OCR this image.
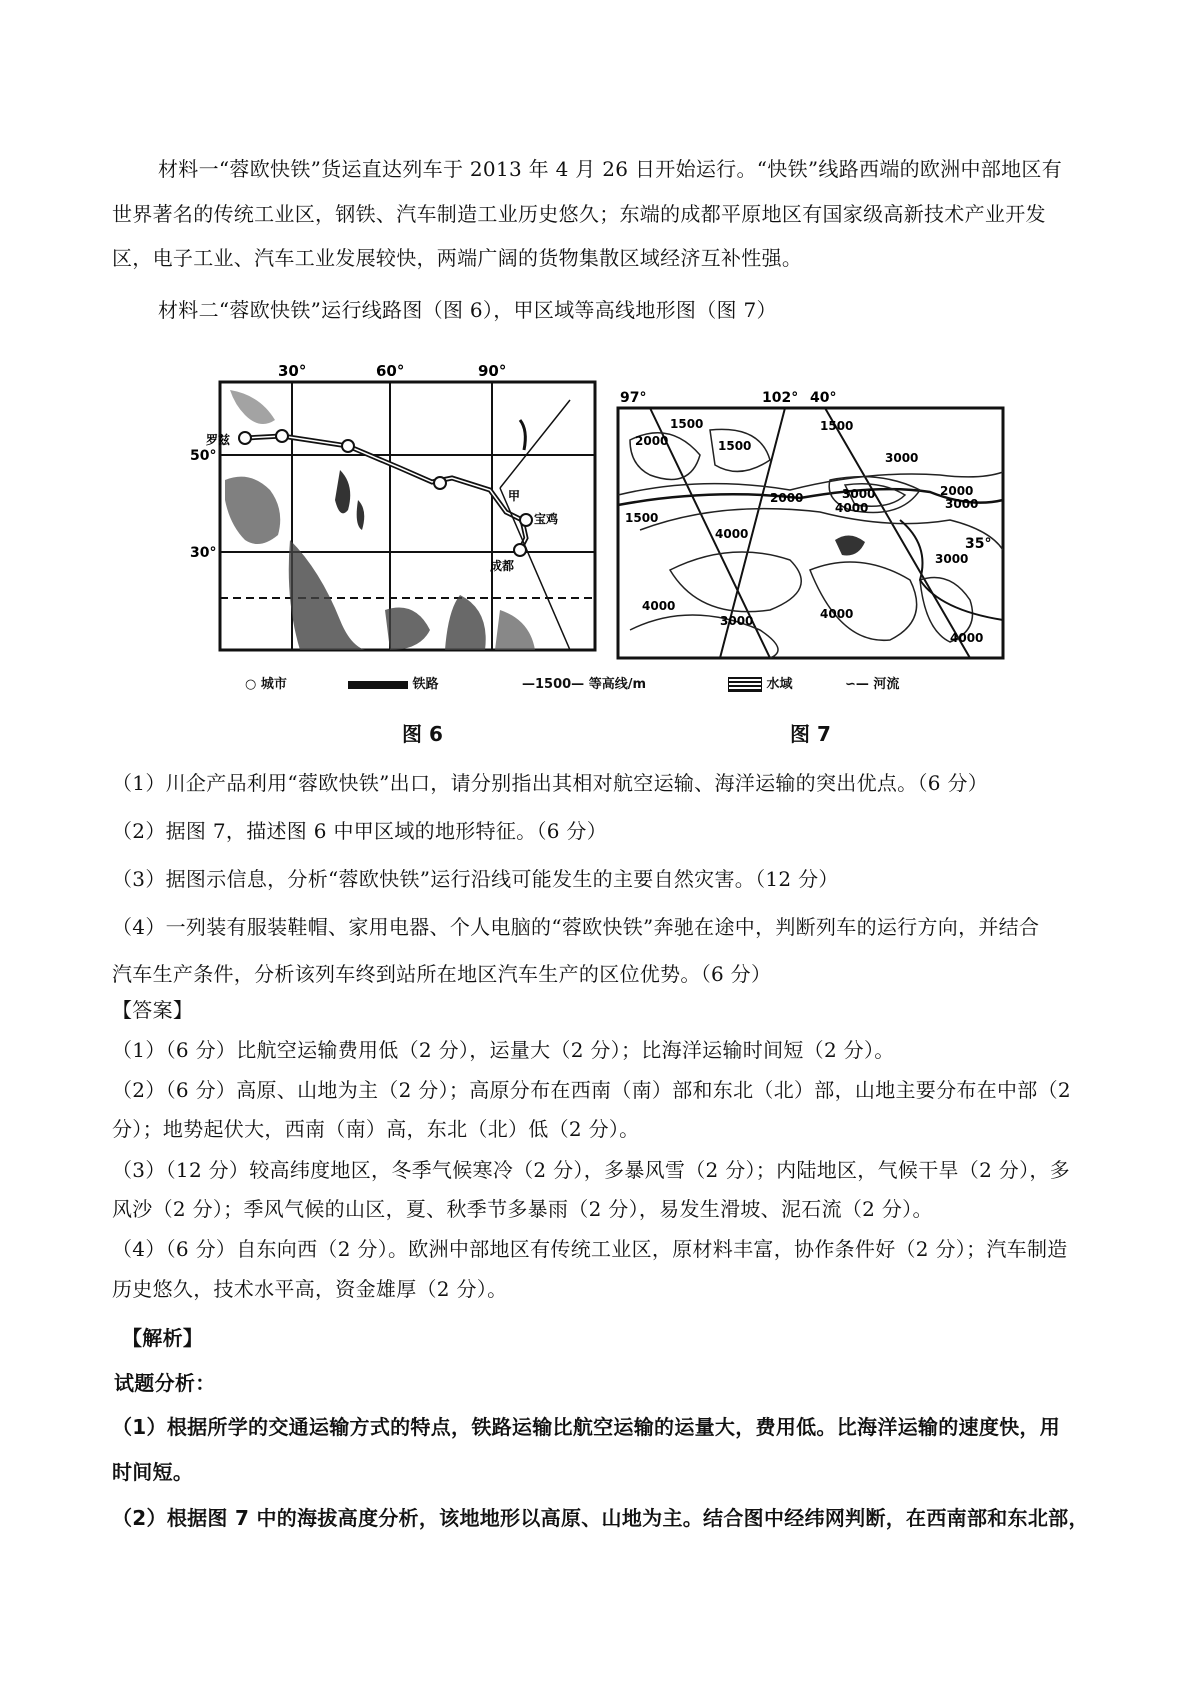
材料一“蓉欧快铁”货运直达列车于 2013 年 4 月 26 日开始运行。“快铁”线路西端的欧洲中部地区有
世界著名的传统工业区，钢铁、汽车制造工业历史悠久；东端的成都平原地区有国家级高新技术产业开发
区，电子工业、汽车工业发展较快，两端广阔的货物集散区域经济互补性强。
材料二“蓉欧快铁”运行线路图（图 6），甲区域等高线地形图（图 7）
30°	60°	90°
50°
30°
罗兹
甲
宝鸡
成都
97°	102° 40°
35°
2000
1500
1500
1500
2000
3000
2000	3000
4000
3000
1500
4000
4000
3000	4000
3000
4000
○ 城市	铁路	—1500— 等高线/m	水域	∽— 河流
图 6	图 7
（1）川企产品利用“蓉欧快铁”出口，请分别指出其相对航空运输、海洋运输的突出优点。（6 分）
（2）据图 7，描述图 6 中甲区域的地形特征。（6 分）
（3）据图示信息，分析“蓉欧快铁”运行沿线可能发生的主要自然灾害。（12 分）
（4）一列装有服装鞋帽、家用电器、个人电脑的“蓉欧快铁”奔驰在途中，判断列车的运行方向，并结合
汽车生产条件，分析该列车终到站所在地区汽车生产的区位优势。（6 分）
【答案】
（1）（6 分）比航空运输费用低（2 分），运量大（2 分）；比海洋运输时间短（2 分）。
（2）（6 分）高原、山地为主（2 分）；高原分布在西南（南）部和东北（北）部，山地主要分布在中部（2
分）；地势起伏大，西南（南）高，东北（北）低（2 分）。
（3）（12 分）较高纬度地区，冬季气候寒冷（2 分），多暴风雪（2 分）；内陆地区，气候干旱（2 分），多
风沙（2 分）；季风气候的山区，夏、秋季节多暴雨（2 分），易发生滑坡、泥石流（2 分）。
（4）（6 分）自东向西（2 分）。欧洲中部地区有传统工业区，原材料丰富，协作条件好（2 分）；汽车制造
历史悠久，技术水平高，资金雄厚（2 分）。
【解析】
试题分析：
（1）根据所学的交通运输方式的特点，铁路运输比航空运输的运量大，费用低。比海洋运输的速度快，用
时间短。
（2）根据图 7 中的海拔高度分析，该地地形以高原、山地为主。结合图中经纬网判断，在西南部和东北部，
